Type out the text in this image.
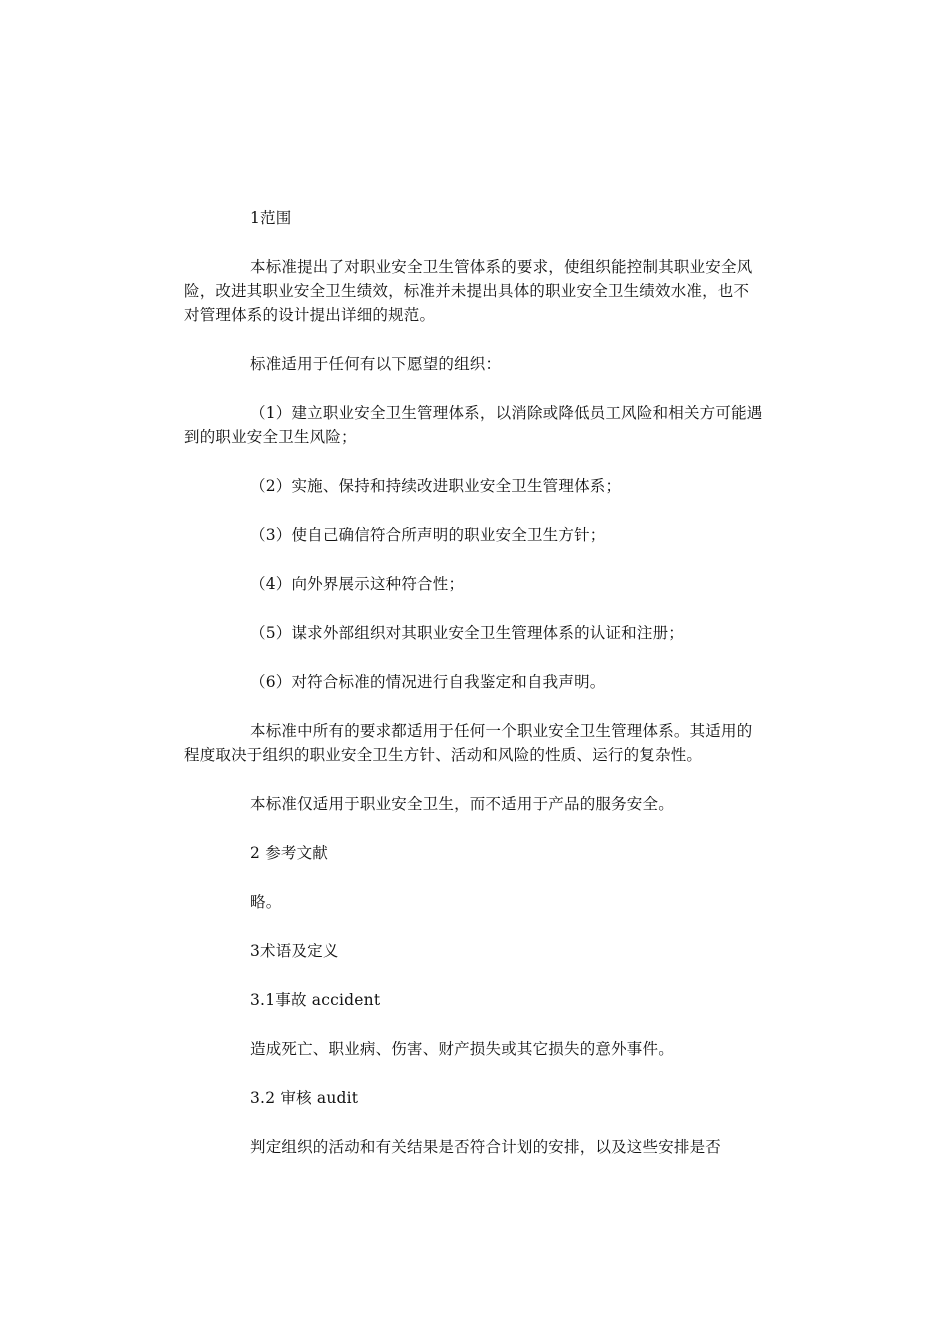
1范围

本标准提出了对职业安全卫生管体系的要求，使组织能控制其职业安全风险，改进其职业安全卫生绩效，标准并未提出具体的职业安全卫生绩效水准，也不对管理体系的设计提出详细的规范。

标准适用于任何有以下愿望的组织：

（1）建立职业安全卫生管理体系，以消除或降低员工风险和相关方可能遇到的职业安全卫生风险；

（2）实施、保持和持续改进职业安全卫生管理体系；

（3）使自己确信符合所声明的职业安全卫生方针；

（4）向外界展示这种符合性；

（5）谋求外部组织对其职业安全卫生管理体系的认证和注册；

（6）对符合标准的情况进行自我鉴定和自我声明。

本标准中所有的要求都适用于任何一个职业安全卫生管理体系。其适用的程度取决于组织的职业安全卫生方针、活动和风险的性质、运行的复杂性。

本标准仅适用于职业安全卫生，而不适用于产品的服务安全。

2 参考文献

略。

3术语及定义

3.1事故 accident

造成死亡、职业病、伤害、财产损失或其它损失的意外事件。

3.2 审核 audit

判定组织的活动和有关结果是否符合计划的安排，以及这些安排是否
